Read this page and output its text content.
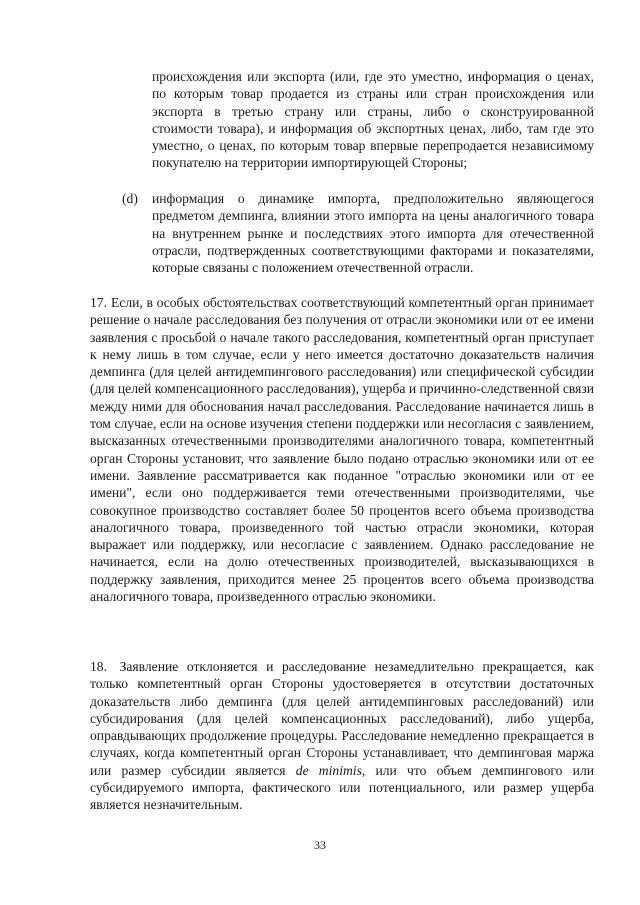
происхождения или экспорта (или, где это уместно, информация о ценах, по которым товар продается из страны или стран происхождения или экспорта в третью страну или страны, либо о сконструированной стоимости товара), и информация об экспортных ценах, либо, там где это уместно, о ценах, по которым товар впервые перепродается независимому покупателю на территории импортирующей Стороны;

(d) информация о динамике импорта, предположительно являющегося предметом демпинга, влиянии этого импорта на цены аналогичного товара на внутреннем рынке и последствиях этого импорта для отечественной отрасли, подтвержденных соответствующими факторами и показателями, которые связаны с положением отечественной отрасли.

17. Если, в особых обстоятельствах соответствующий компетентный орган принимает решение о начале расследования без получения от отрасли экономики или от ее имени заявления с просьбой о начале такого расследования, компетентный орган приступает к нему лишь в том случае, если у него имеется достаточно доказательств наличия демпинга (для целей антидемпингового расследования) или специфической субсидии (для целей компенсационного расследования), ущерба и причинно-следственной связи между ними для обоснования начал расследования. Расследование начинается лишь в том случае, если на основе изучения степени поддержки или несогласия с заявлением, высказанных отечественными производителями аналогичного товара, компетентный орган Стороны установит, что заявление было подано отраслью экономики или от ее имени. Заявление рассматривается как поданное "отраслью экономики или от ее имени", если оно поддерживается теми отечественными производителями, чье совокупное производство составляет более 50 процентов всего объема производства аналогичного товара, произведенного той частью отрасли экономики, которая выражает или поддержку, или несогласие с заявлением. Однако расследование не начинается, если на долю отечественных производителей, высказывающихся в поддержку заявления, приходится менее 25 процентов всего объема производства аналогичного товара, произведенного отраслью экономики.

18. Заявление отклоняется и расследование незамедлительно прекращается, как только компетентный орган Стороны удостоверяется в отсутствии достаточных доказательств либо демпинга (для целей антидемпинговых расследований) или субсидирования (для целей компенсационных расследований), либо ущерба, оправдывающих продолжение процедуры. Расследование немедленно прекращается в случаях, когда компетентный орган Стороны устанавливает, что демпинговая маржа или размер субсидии является de minimis, или что объем демпингового или субсидируемого импорта, фактического или потенциального, или размер ущерба является незначительным.

33
